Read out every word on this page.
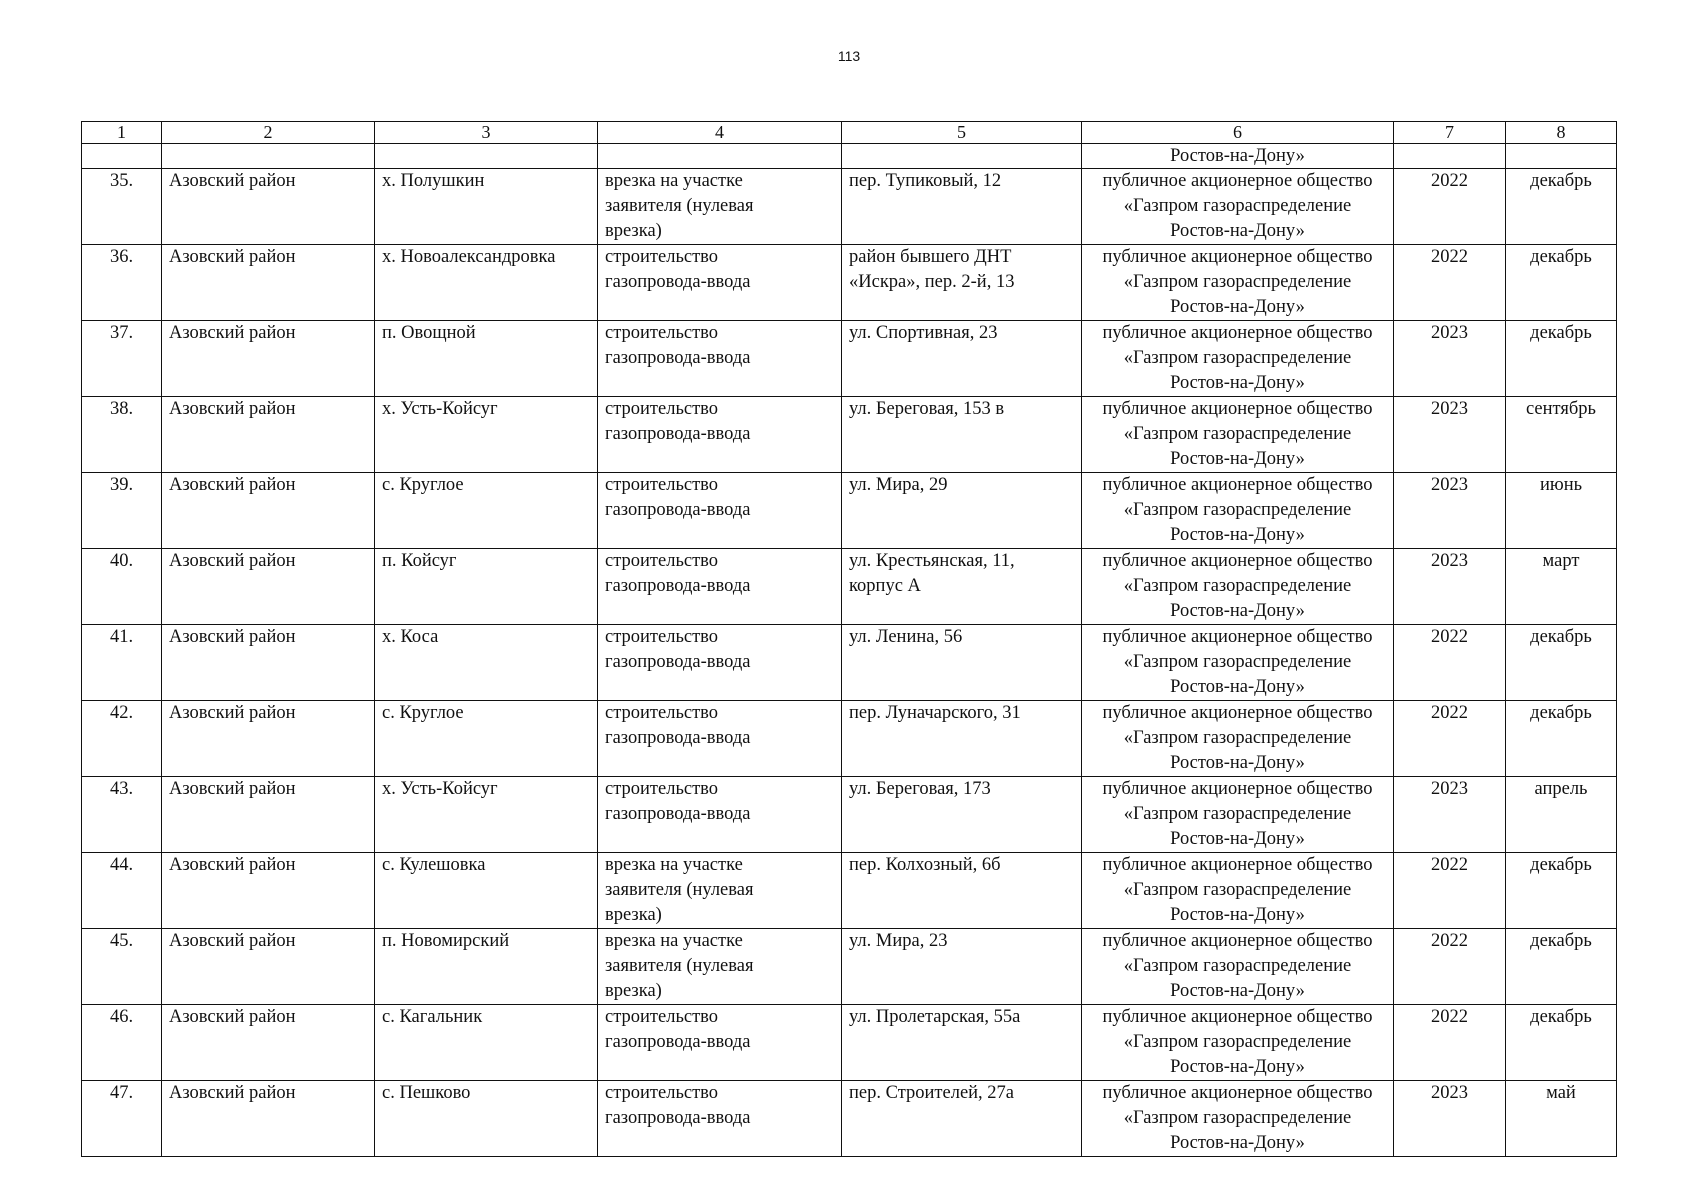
113
1	2	3	4	5	6	7	8
					Ростов-на-Дону»		
35.	Азовский район	х. Полушкин	врезка на участке
заявителя (нулевая
врезка)	пер. Тупиковый, 12	публичное акционерное общество
«Газпром газораспределение
Ростов-на-Дону»	2022	декабрь
36.	Азовский район	х. Новоалександровка	строительство
газопровода-ввода	район бывшего ДНТ
«Искра», пер. 2-й, 13	публичное акционерное общество
«Газпром газораспределение
Ростов-на-Дону»	2022	декабрь
37.	Азовский район	п. Овощной	строительство
газопровода-ввода	ул. Спортивная, 23	публичное акционерное общество
«Газпром газораспределение
Ростов-на-Дону»	2023	декабрь
38.	Азовский район	х. Усть-Койсуг	строительство
газопровода-ввода	ул. Береговая, 153 в	публичное акционерное общество
«Газпром газораспределение
Ростов-на-Дону»	2023	сентябрь
39.	Азовский район	с. Круглое	строительство
газопровода-ввода	ул. Мира, 29	публичное акционерное общество
«Газпром газораспределение
Ростов-на-Дону»	2023	июнь
40.	Азовский район	п. Койсуг	строительство
газопровода-ввода	ул. Крестьянская, 11,
корпус А	публичное акционерное общество
«Газпром газораспределение
Ростов-на-Дону»	2023	март
41.	Азовский район	х. Коса	строительство
газопровода-ввода	ул. Ленина, 56	публичное акционерное общество
«Газпром газораспределение
Ростов-на-Дону»	2022	декабрь
42.	Азовский район	с. Круглое	строительство
газопровода-ввода	пер. Луначарского, 31	публичное акционерное общество
«Газпром газораспределение
Ростов-на-Дону»	2022	декабрь
43.	Азовский район	х. Усть-Койсуг	строительство
газопровода-ввода	ул. Береговая, 173	публичное акционерное общество
«Газпром газораспределение
Ростов-на-Дону»	2023	апрель
44.	Азовский район	с. Кулешовка	врезка на участке
заявителя (нулевая
врезка)	пер. Колхозный, 6б	публичное акционерное общество
«Газпром газораспределение
Ростов-на-Дону»	2022	декабрь
45.	Азовский район	п. Новомирский	врезка на участке
заявителя (нулевая
врезка)	ул. Мира, 23	публичное акционерное общество
«Газпром газораспределение
Ростов-на-Дону»	2022	декабрь
46.	Азовский район	с. Кагальник	строительство
газопровода-ввода	ул. Пролетарская, 55а	публичное акционерное общество
«Газпром газораспределение
Ростов-на-Дону»	2022	декабрь
47.	Азовский район	с. Пешково	строительство
газопровода-ввода	пер. Строителей, 27а	публичное акционерное общество
«Газпром газораспределение
Ростов-на-Дону»	2023	май
